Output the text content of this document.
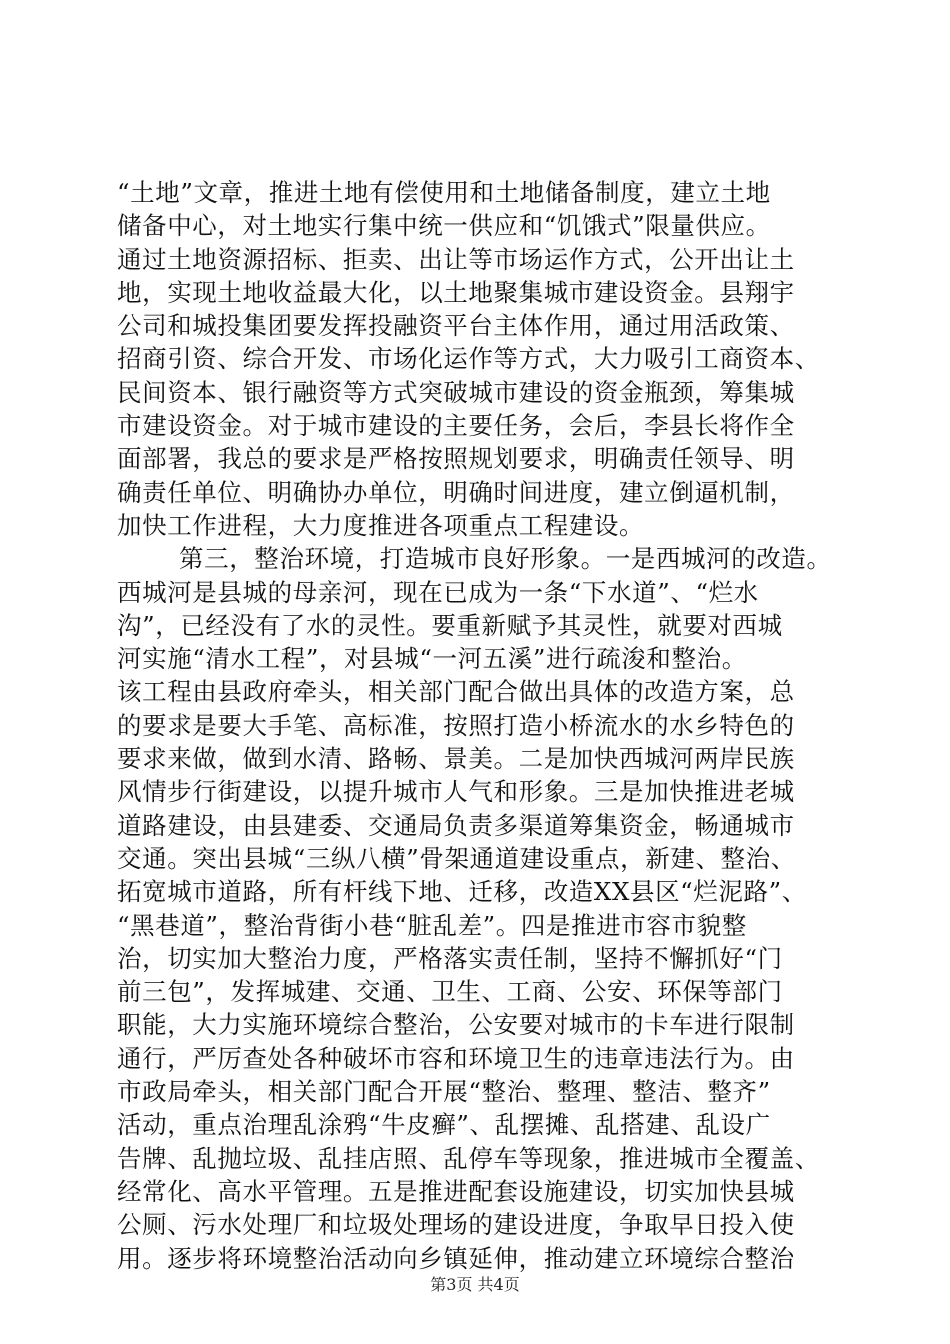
“土地”文章，推进土地有偿使用和土地储备制度，建立土地
储备中心，对土地实行集中统一供应和“饥饿式”限量供应。
通过土地资源招标、拒卖、出让等市场运作方式，公开出让土
地，实现土地收益最大化，以土地聚集城市建设资金。县翔宇
公司和城投集团要发挥投融资平台主体作用，通过用活政策、
招商引资、综合开发、市场化运作等方式，大力吸引工商资本、
民间资本、银行融资等方式突破城市建设的资金瓶颈，筹集城
市建设资金。对于城市建设的主要任务，会后，李县长将作全
面部署，我总的要求是严格按照规划要求，明确责任领导、明
确责任单位、明确协办单位，明确时间进度，建立倒逼机制，
加快工作进程，大力度推进各项重点工程建设。
第三，整治环境，打造城市良好形象。一是西城河的改造。
西城河是县城的母亲河，现在已成为一条“下水道”、“烂水
沟”，已经没有了水的灵性。要重新赋予其灵性，就要对西城
河实施“清水工程”，对县城“一河五溪”进行疏浚和整治。
该工程由县政府牵头，相关部门配合做出具体的改造方案，总
的要求是要大手笔、高标准，按照打造小桥流水的水乡特色的
要求来做，做到水清、路畅、景美。二是加快西城河两岸民族
风情步行街建设，以提升城市人气和形象。三是加快推进老城
道路建设，由县建委、交通局负责多渠道筹集资金，畅通城市
交通。突出县城“三纵八横”骨架通道建设重点，新建、整治、
拓宽城市道路，所有杆线下地、迁移，改造XX县区“烂泥路”、
“黑巷道”，整治背街小巷“脏乱差”。四是推进市容市貌整
治，切实加大整治力度，严格落实责任制，坚持不懈抓好“门
前三包”，发挥城建、交通、卫生、工商、公安、环保等部门
职能，大力实施环境综合整治，公安要对城市的卡车进行限制
通行，严厉查处各种破坏市容和环境卫生的违章违法行为。由
市政局牵头，相关部门配合开展“整治、整理、整洁、整齐”
活动，重点治理乱涂鸦“牛皮癣”、乱摆摊、乱搭建、乱设广
告牌、乱抛垃圾、乱挂店照、乱停车等现象，推进城市全覆盖、
经常化、高水平管理。五是推进配套设施建设，切实加快县城
公厕、污水处理厂和垃圾处理场的建设进度，争取早日投入使
用。逐步将环境整治活动向乡镇延伸，推动建立环境综合整治
第3页 共4页
